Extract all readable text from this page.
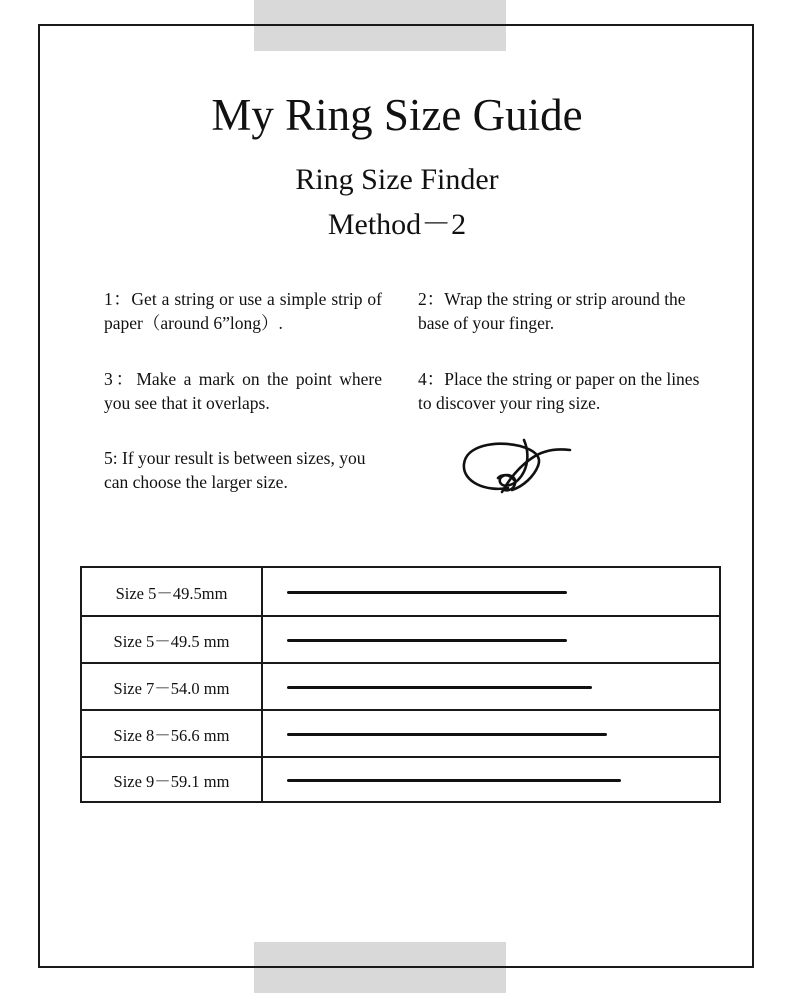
My Ring Size Guide
Ring Size Finder
Method－2

1：Get a string or use a simple strip of paper（around 6”long）.

2：Wrap the string or strip around the base of your finger.

3：Make a mark on the point where you see that it overlaps.

4：Place the string or paper on the lines to discover your ring size.

5: If your result is between sizes, you can choose the larger size.

Size 5－49.5mm
Size 5－49.5 mm
Size 7－54.0 mm
Size 8－56.6 mm
Size 9－59.1 mm
